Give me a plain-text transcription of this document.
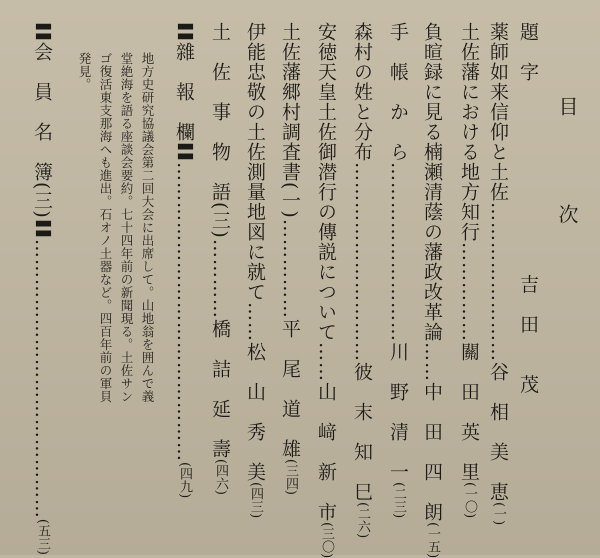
目　次
題　字  吉　田　　茂
薬師如来信仰と土佐……………………谷　相　美　恵(一)
土佐藩における地方知行……………關　田　英　里(一〇)
負暄録に見る楠瀬清蔭の藩政改革論……中　田　四　朗(一五)
手　帳　か　ら………………………川　野　清　一(二三)
森村の姓と分布…………………………彼　末　知　巳(二六)
安徳天皇土佐御潜行の傳説について……山　﨑　新　市(三〇)
土佐藩郷村調査書(一)……………平　尾　道　雄(三四)
伊能忠敬の土佐測量地図に就て……松　山　秀　美(四三)
土　佐　事　物　語(三)…………橋　詰　延　壽(四六)
〓雜　報　欄〓………………………………………(四九)
地方史研究協議会第二回大会に出席して。山地翁を囲んで義
堂絶海を語る座談会要約。七十四年前の新聞現る。土佐サン
ゴ復活東支那海へも進出。石オノ土器など。四百年前の軍貝
発見。
〓会　員　名　簿(三)〓……………………………………(五三)
